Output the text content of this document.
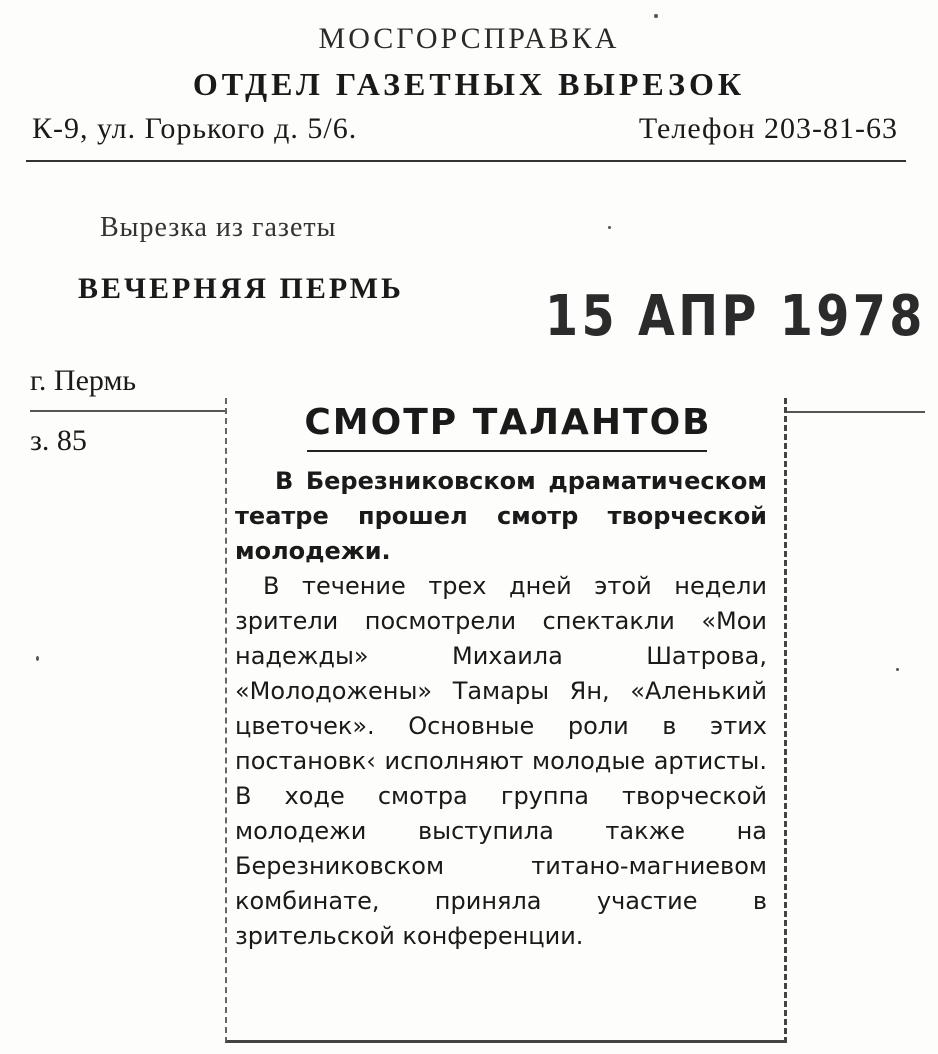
МОСГОРСПРАВКА
ОТДЕЛ ГАЗЕТНЫХ ВЫРЕЗОК
К-9, ул. Горького д. 5/6.	Телефон 203-81-63
Вырезка из газеты
ВЕЧЕРНЯЯ ПЕРМЬ	15 АПР 1978
г. Пермь
з. 85	СМОТР ТАЛАНТОВ

В Березниковском драматическом театре прошел смотр творческой молодежи.

В течение трех дней этой недели зрители посмотрели спектакли «Мои надежды» Михаила Шатрова, «Молодожены» Тамары Ян, «Аленький цветочек». Основные роли в этих постановк‹ исполняют молодые артисты. В ходе смотра группа творческой молодежи выступила также на Березниковском титано-магниевом комбинате, приняла участие в зрительской конференции.
